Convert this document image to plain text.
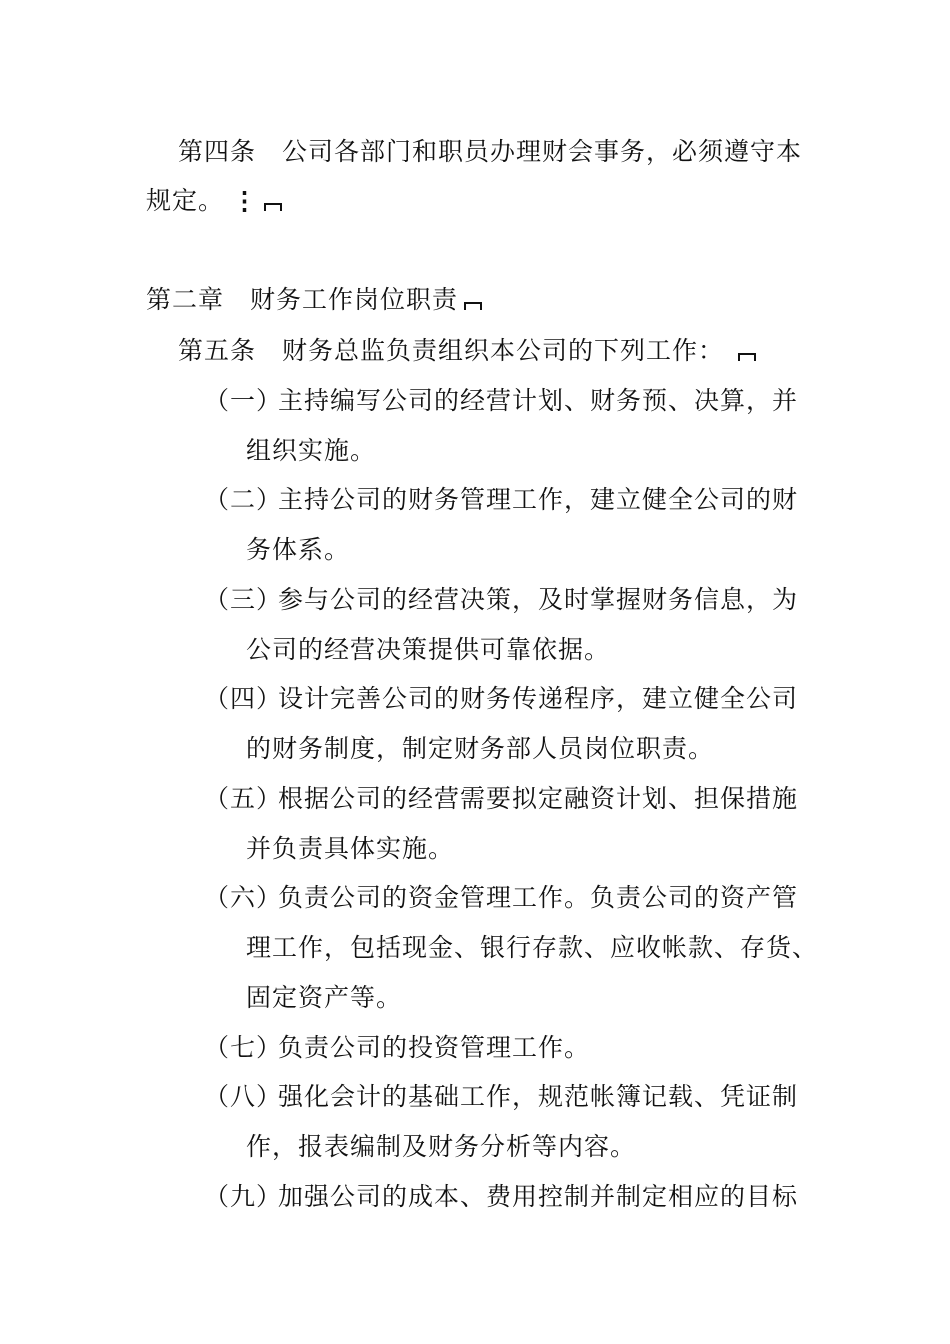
第四条 公司各部门和职员办理财会事务，必须遵守本
规定。 ⋮
第二章 财务工作岗位职责
第五条 财务总监负责组织本公司的下列工作：
（一）主持编写公司的经营计划、财务预、决算，并
组织实施。
（二）主持公司的财务管理工作，建立健全公司的财
务体系。
（三）参与公司的经营决策，及时掌握财务信息，为
公司的经营决策提供可靠依据。
（四）设计完善公司的财务传递程序，建立健全公司
的财务制度，制定财务部人员岗位职责。
（五）根据公司的经营需要拟定融资计划、担保措施
并负责具体实施。
（六）负责公司的资金管理工作。负责公司的资产管
理工作，包括现金、银行存款、应收帐款、存货、
固定资产等。
（七）负责公司的投资管理工作。
（八）强化会计的基础工作，规范帐簿记载、凭证制
作，报表编制及财务分析等内容。
（九）加强公司的成本、费用控制并制定相应的目标
